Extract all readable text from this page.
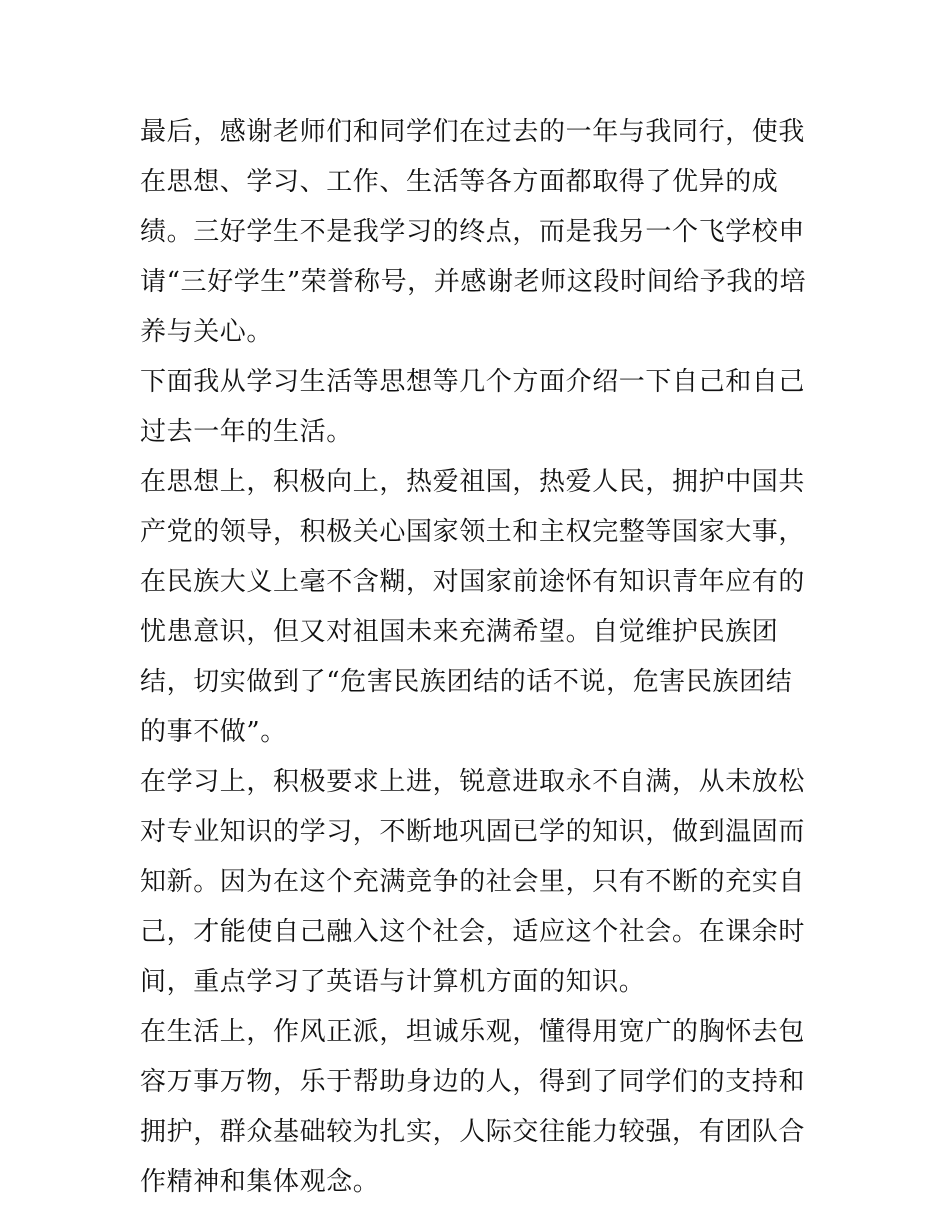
最后，感谢老师们和同学们在过去的一年与我同行，使我在思想、学习、工作、生活等各方面都取得了优异的成绩。三好学生不是我学习的终点，而是我另一个飞学校申请“三好学生”荣誉称号，并感谢老师这段时间给予我的培养与关心。

下面我从学习生活等思想等几个方面介绍一下自己和自己过去一年的生活。

在思想上，积极向上，热爱祖国，热爱人民，拥护中国共产党的领导，积极关心国家领土和主权完整等国家大事，在民族大义上毫不含糊，对国家前途怀有知识青年应有的忧患意识，但又对祖国未来充满希望。自觉维护民族团结，切实做到了“危害民族团结的话不说，危害民族团结的事不做”。

在学习上，积极要求上进，锐意进取永不自满，从未放松对专业知识的学习，不断地巩固已学的知识，做到温固而知新。因为在这个充满竞争的社会里，只有不断的充实自己，才能使自己融入这个社会，适应这个社会。在课余时间，重点学习了英语与计算机方面的知识。

在生活上，作风正派，坦诚乐观，懂得用宽广的胸怀去包容万事万物，乐于帮助身边的人，得到了同学们的支持和拥护，群众基础较为扎实，人际交往能力较强，有团队合作精神和集体观念。
